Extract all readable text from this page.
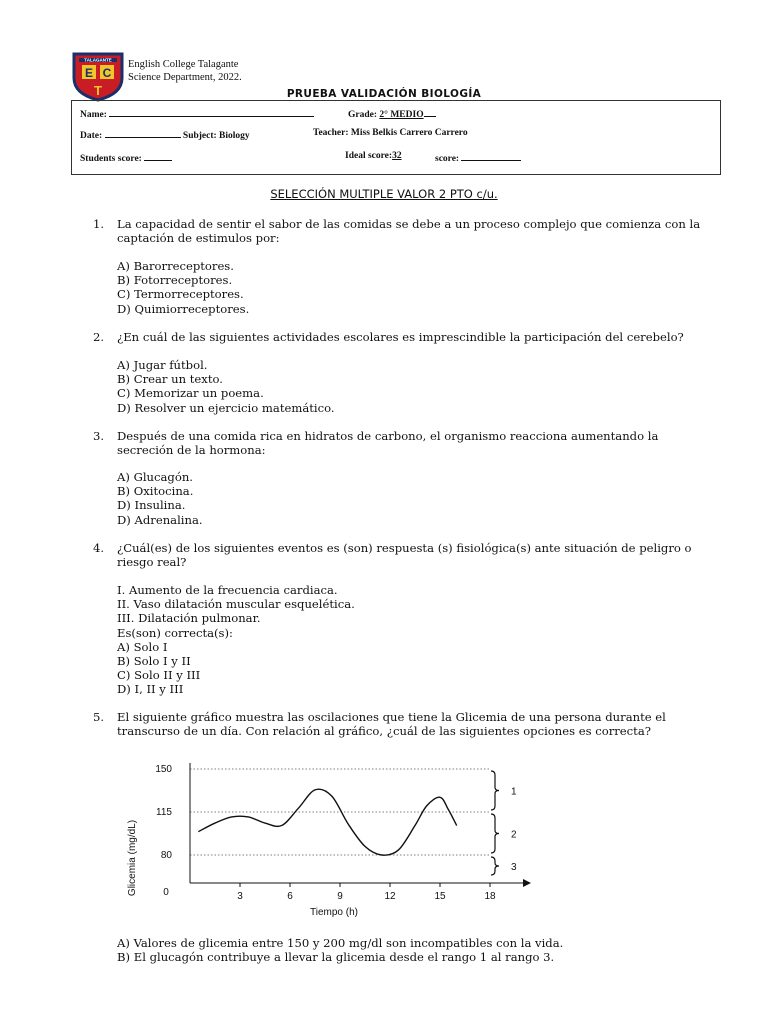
TALAGANTE
E C
T
English College Talagante
Science Department, 2022.
PRUEBA VALIDACIÓN BIOLOGÍA
Name:	Grade: 2° MEDIO
Date:	Subject: Biology	Teacher: Miss Belkis Carrero Carrero
Students score:	Ideal score:32	score:
SELECCIÓN MULTIPLE VALOR 2 PTO c/u.
1. La capacidad de sentir el sabor de las comidas se debe a un proceso complejo que comienza con la captación de estimulos por:
A) Barorreceptores.
B) Fotorreceptores.
C) Termorreceptores.
D) Quimiorreceptores.
2. ¿En cuál de las siguientes actividades escolares es imprescindible la participación del cerebelo?
A) Jugar fútbol.
B) Crear un texto.
C) Memorizar un poema.
D) Resolver un ejercicio matemático.
3. Después de una comida rica en hidratos de carbono, el organismo reacciona aumentando la secreción de la hormona:
A) Glucagón.
B) Oxitocina.
D) Insulina.
D) Adrenalina.
4. ¿Cuál(es) de los siguientes eventos es (son) respuesta (s) fisiológica(s) ante situación de peligro o riesgo real?
I. Aumento de la frecuencia cardiaca.
II. Vaso dilatación muscular esquelética.
III. Dilatación pulmonar.
Es(son) correcta(s):
A) Solo I
B) Solo I y II
C) Solo II y III
D) I, II y III
5. El siguiente gráfico muestra las oscilaciones que tiene la Glicemia de una persona durante el transcurso de un día. Con relación al gráfico, ¿cuál de las siguientes opciones es correcta?
3	6	9	12	15	18
150
115
80
1
2
3
Glicemia (mg/dL)
Tiempo (h)
0
A) Valores de glicemia entre 150 y 200 mg/dl son incompatibles con la vida.
B) El glucagón contribuye a llevar la glicemia desde el rango 1 al rango 3.
